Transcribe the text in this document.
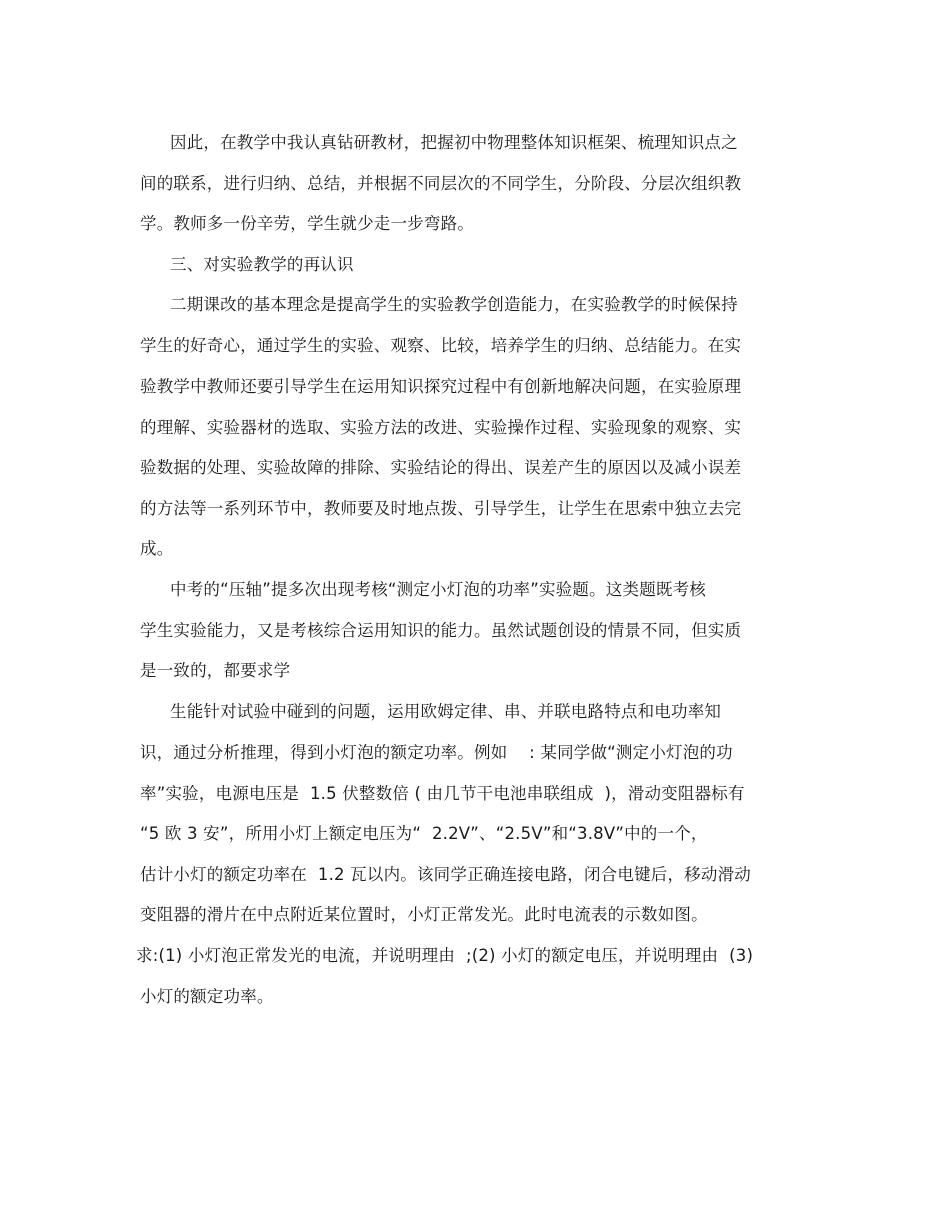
因此，在教学中我认真钻研教材，把握初中物理整体知识框架、梳理知识点之
间的联系，进行归纳、总结，并根据不同层次的不同学生，分阶段、分层次组织教
学。教师多一份辛劳，学生就少走一步弯路。
三、对实验教学的再认识
二期课改的基本理念是提高学生的实验教学创造能力，在实验教学的时候保持
学生的好奇心，通过学生的实验、观察、比较，培养学生的归纳、总结能力。在实
验教学中教师还要引导学生在运用知识探究过程中有创新地解决问题，在实验原理
的理解、实验器材的选取、实验方法的改进、实验操作过程、实验现象的观察、实
验数据的处理、实验故障的排除、实验结论的得出、误差产生的原因以及减小误差
的方法等一系列环节中，教师要及时地点拨、引导学生，让学生在思索中独立去完
成。
中考的“压轴”提多次出现考核“测定小灯泡的功率”实验题。这类题既考核
学生实验能力，又是考核综合运用知识的能力。虽然试题创设的情景不同，但实质
是一致的，都要求学
生能针对试验中碰到的问题，运用欧姆定律、串、并联电路特点和电功率知
识，通过分析推理，得到小灯泡的额定功率。例如    : 某同学做“测定小灯泡的功
率”实验，电源电压是  1.5 伏整数倍 ( 由几节干电池串联组成  )，滑动变阻器标有
“5 欧 3 安”，所用小灯上额定电压为“  2.2V”、“2.5V”和“3.8V”中的一个，
估计小灯的额定功率在  1.2 瓦以内。该同学正确连接电路，闭合电键后，移动滑动
变阻器的滑片在中点附近某位置时，小灯正常发光。此时电流表的示数如图。
求:(1) 小灯泡正常发光的电流，并说明理由  ;(2) 小灯的额定电压，并说明理由  (3)
小灯的额定功率。
